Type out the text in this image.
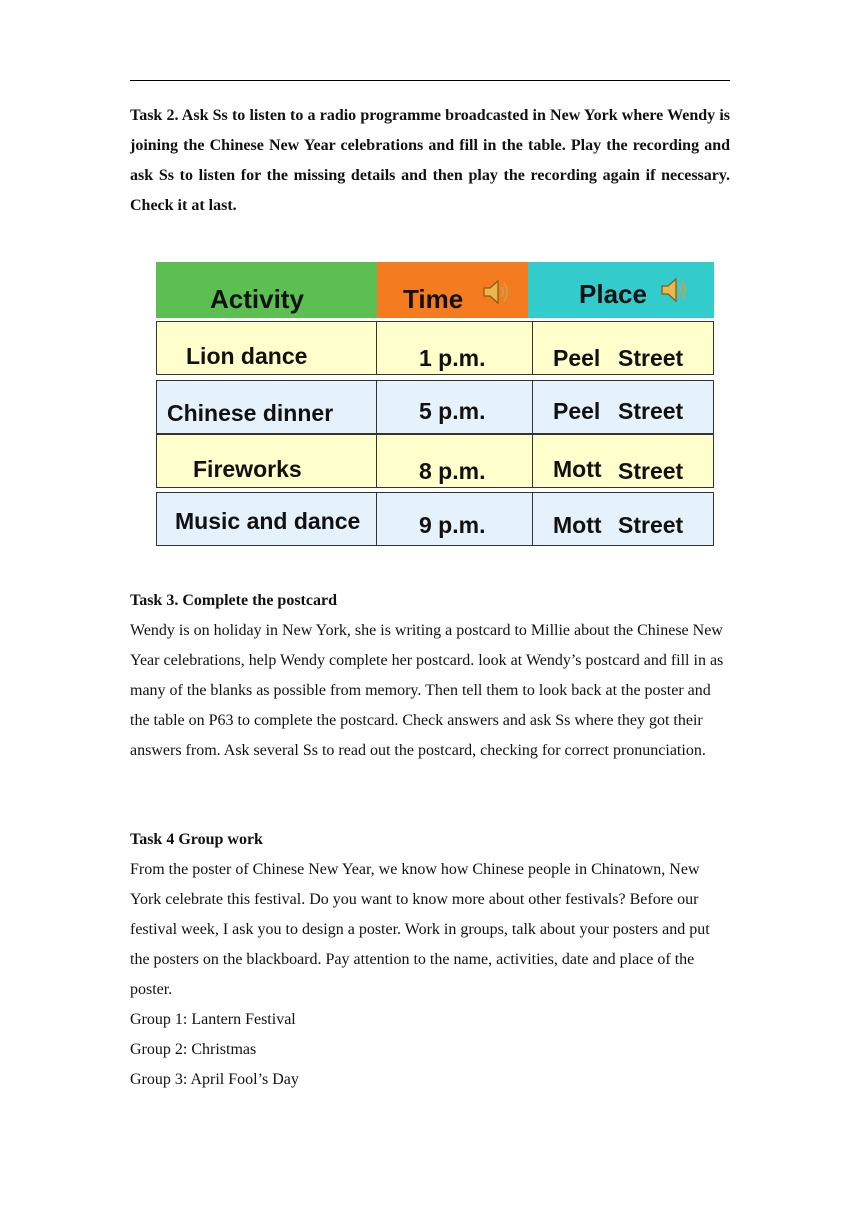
Task 2. Ask Ss to listen to a radio programme broadcasted in New York where Wendy is joining the Chinese New Year celebrations and fill in the table. Play the recording and ask Ss to listen for the missing details and then play the recording again if necessary. Check it at last.

Activity	Time	Place
Lion dance	1 p.m.	Peel Street
Chinese dinner	5 p.m.	Peel Street
Fireworks	8 p.m.	Mott Street
Music and dance	9 p.m.	Mott Street

Task 3. Complete the postcard

Wendy is on holiday in New York, she is writing a postcard to Millie about the Chinese New Year celebrations, help Wendy complete her postcard. look at Wendy’s postcard and fill in as many of the blanks as possible from memory. Then tell them to look back at the poster and the table on P63 to complete the postcard. Check answers and ask Ss where they got their answers from. Ask several Ss to read out the postcard, checking for correct pronunciation.

Task 4 Group work

From the poster of Chinese New Year, we know how Chinese people in Chinatown, New York celebrate this festival. Do you want to know more about other festivals? Before our festival week, I ask you to design a poster. Work in groups, talk about your posters and put the posters on the blackboard. Pay attention to the name, activities, date and place of the poster.

Group 1: Lantern Festival

Group 2: Christmas

Group 3: April Fool’s Day
